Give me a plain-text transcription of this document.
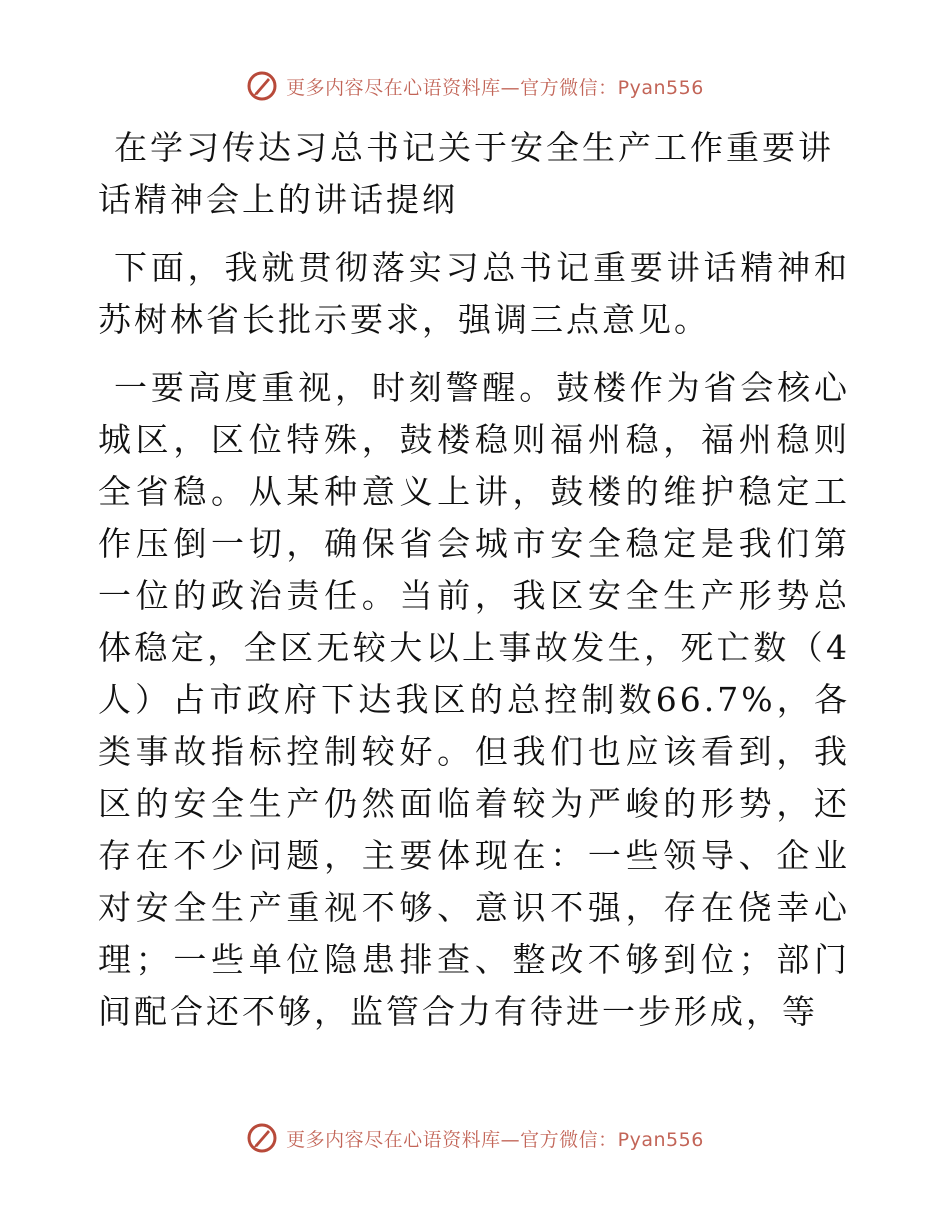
更多内容尽在心语资料库—官方微信：Pyan556
在学习传达习总书记关于安全生产工作重要讲话精神会上的讲话提纲

下面，我就贯彻落实习总书记重要讲话精神和苏树林省长批示要求，强调三点意见。

一要高度重视，时刻警醒。鼓楼作为省会核心城区，区位特殊，鼓楼稳则福州稳，福州稳则全省稳。从某种意义上讲，鼓楼的维护稳定工作压倒一切，确保省会城市安全稳定是我们第一位的政治责任。当前，我区安全生产形势总体稳定，全区无较大以上事故发生，死亡数（4人）占市政府下达我区的总控制数66.7%，各类事故指标控制较好。但我们也应该看到，我区的安全生产仍然面临着较为严峻的形势，还存在不少问题，主要体现在：一些领导、企业对安全生产重视不够、意识不强，存在侥幸心理；一些单位隐患排查、整改不够到位；部门间配合还不够，监管合力有待进一步形成，等

更多内容尽在心语资料库—官方微信：Pyan556
